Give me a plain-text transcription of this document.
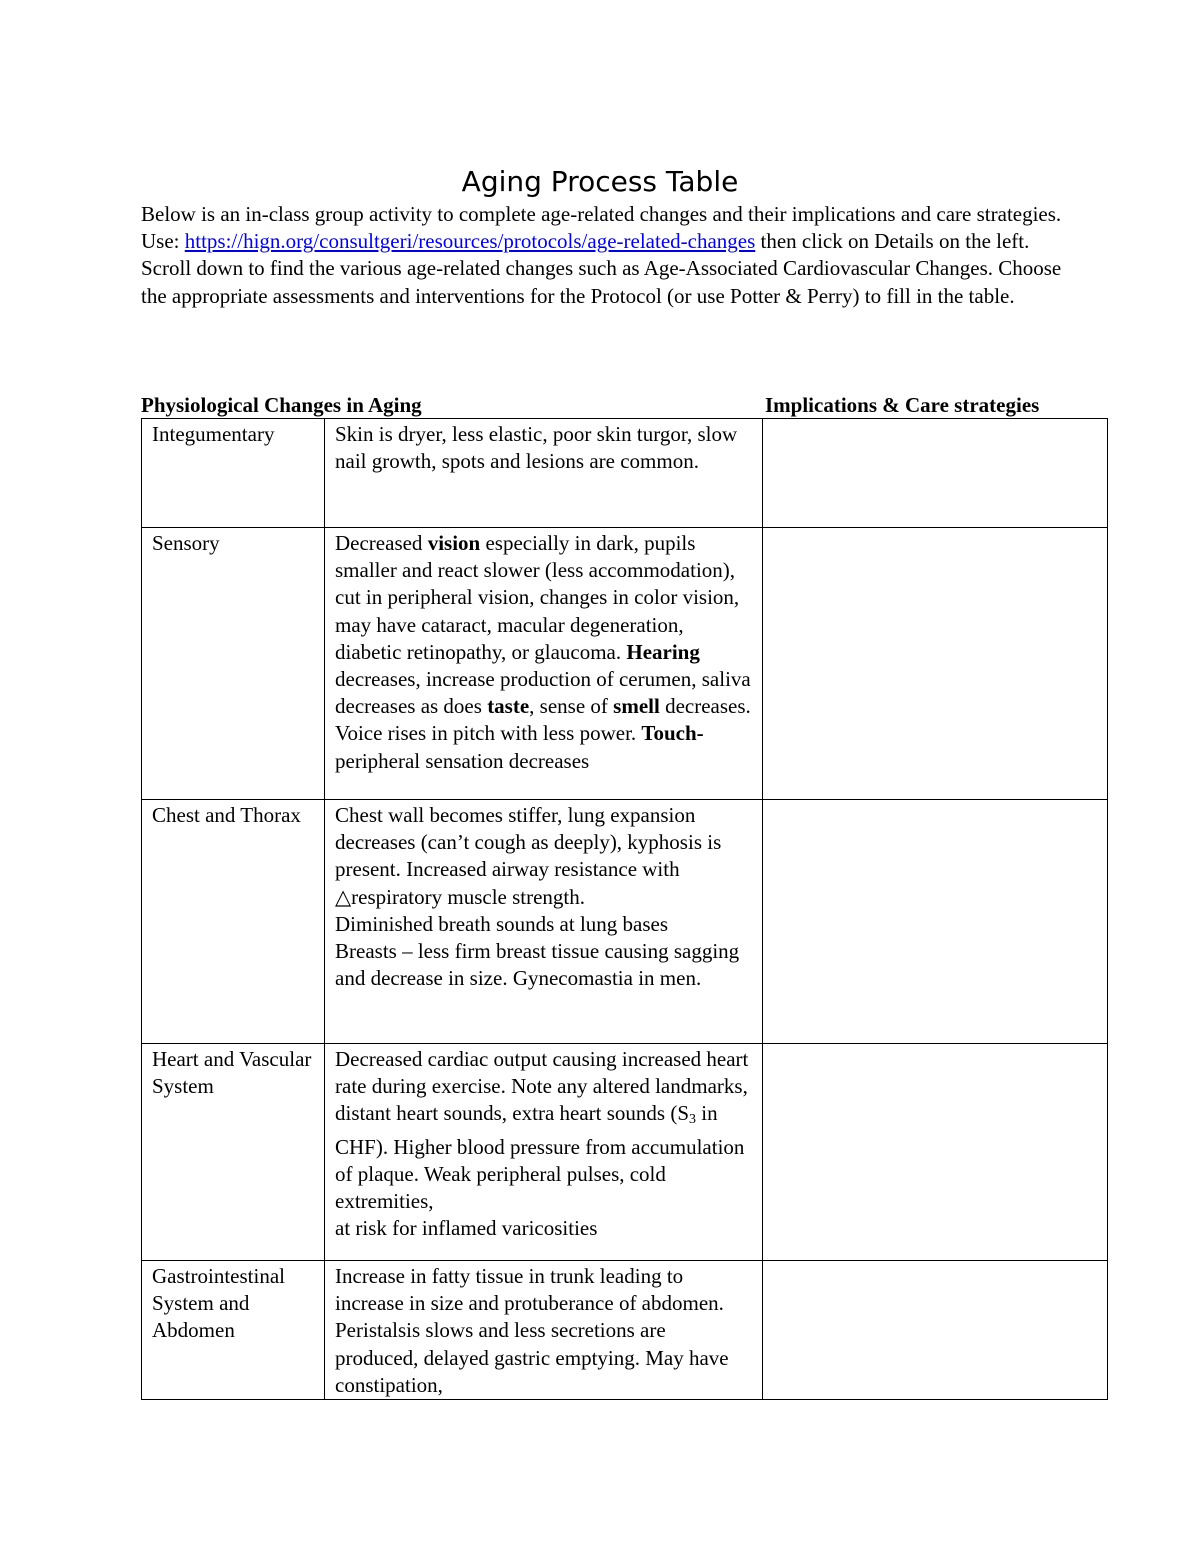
Aging Process Table

Below is an in-class group activity to complete age-related changes and their implications and care strategies. Use: https://hign.org/consultgeri/resources/protocols/age-related-changes then click on Details on the left.

Scroll down to find the various age-related changes such as Age-Associated Cardiovascular Changes. Choose the appropriate assessments and interventions for the Protocol (or use Potter & Perry) to fill in the table.

Physiological Changes in Aging	Implications & Care strategies
Integumentary	Skin is dryer, less elastic, poor skin turgor, slow nail growth, spots and lesions are common.	
Sensory	Decreased vision especially in dark, pupils smaller and react slower (less accommodation), cut in peripheral vision, changes in color vision, may have cataract, macular degeneration, diabetic retinopathy, or glaucoma. Hearing decreases, increase production of cerumen, saliva decreases as does taste, sense of smell decreases. Voice rises in pitch with less power. Touch-peripheral sensation decreases	
Chest and Thorax	Chest wall becomes stiffer, lung expansion decreases (can’t cough as deeply), kyphosis is present. Increased airway resistance with △respiratory muscle strength.
Diminished breath sounds at lung bases
Breasts – less firm breast tissue causing sagging and decrease in size. Gynecomastia in men.	

Heart and Vascular System	Decreased cardiac output causing increased heart rate during exercise. Note any altered landmarks, distant heart sounds, extra heart sounds ($S_3$ in CHF). Higher blood pressure from accumulation of plaque. Weak peripheral pulses, cold extremities,
at risk for inflamed varicosities	
Gastrointestinal System and Abdomen	Increase in fatty tissue in trunk leading to increase in size and protuberance of abdomen. Peristalsis slows and less secretions are produced, delayed gastric emptying. May have constipation,	
